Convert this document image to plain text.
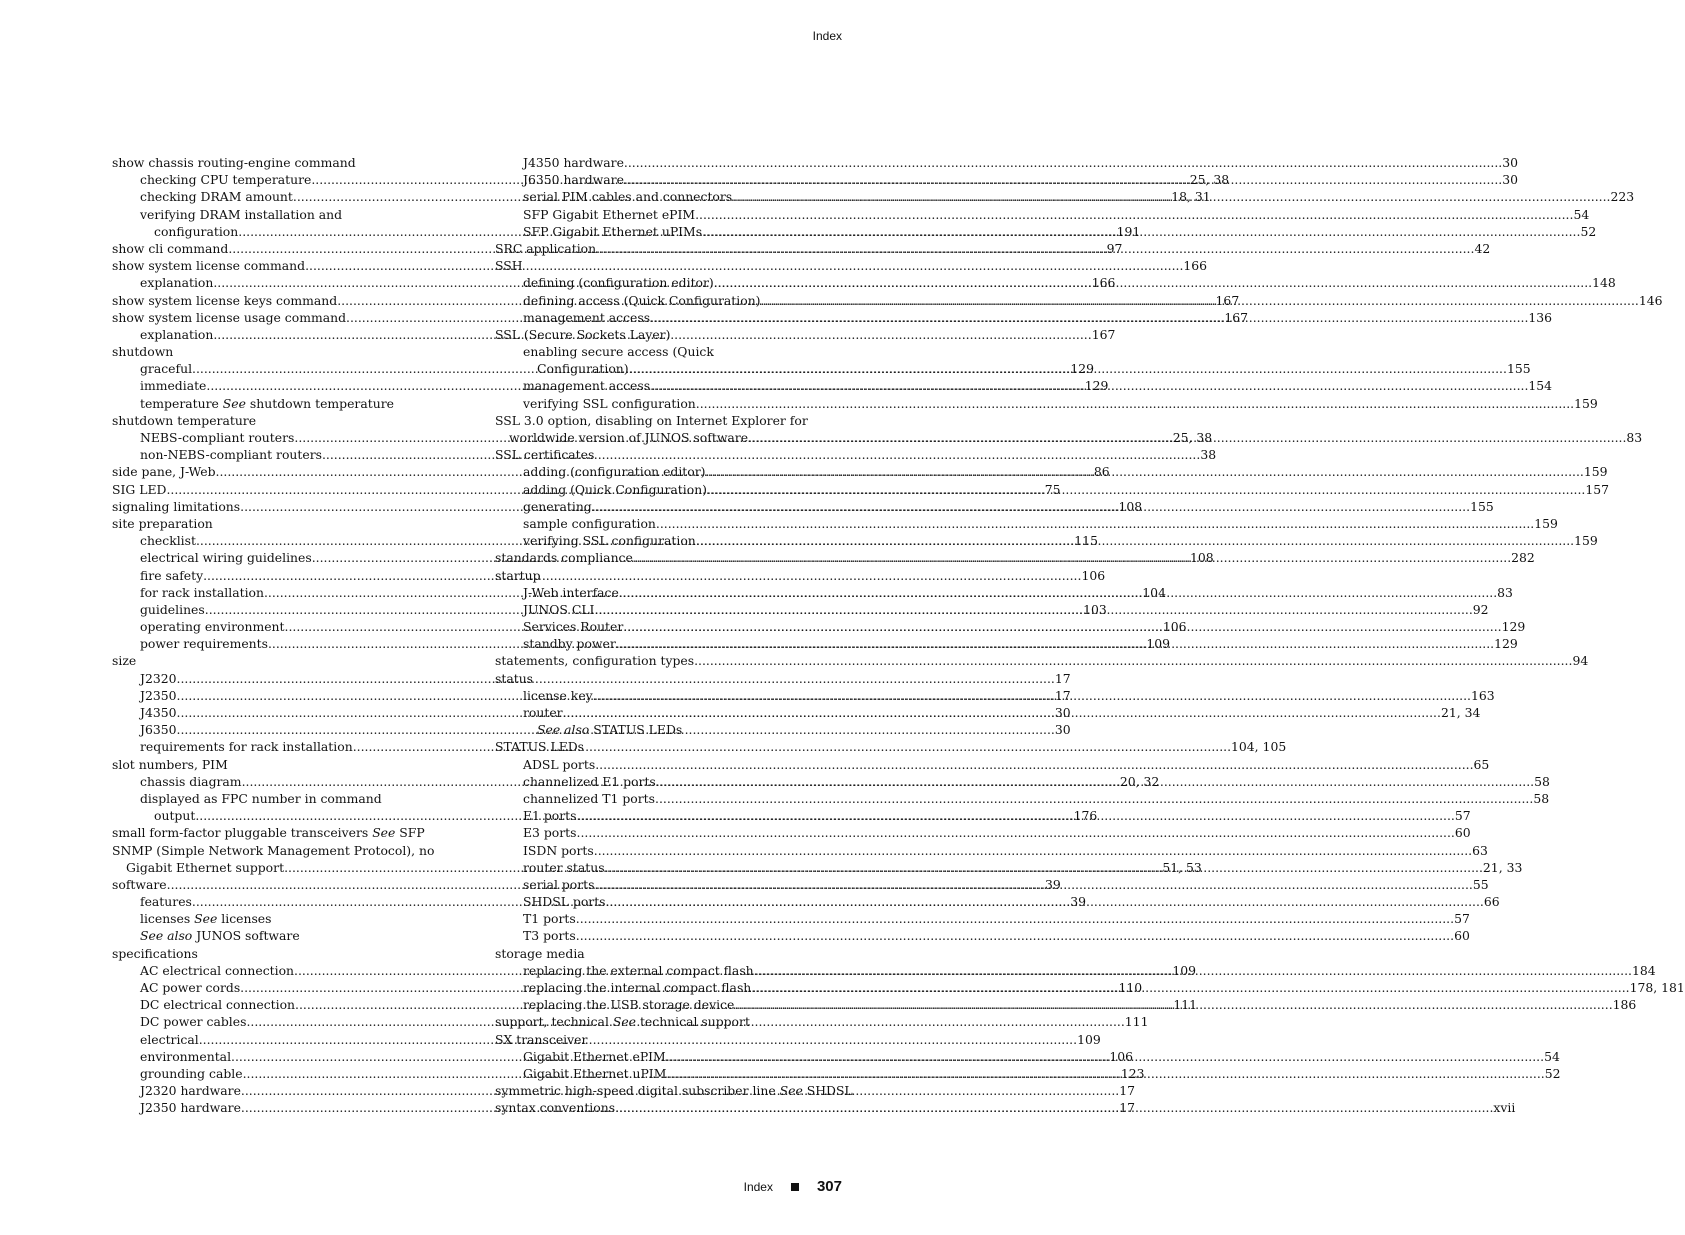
Index
show chassis routing-engine command
checking CPU temperature .....	25, 38
checking DRAM amount .....	18, 31
verifying DRAM installation and
configuration .....	191
show cli command .....	97
show system license command .....	166
explanation .....	166
show system license keys command .....	167
show system license usage command .....	167
explanation .....	167
shutdown
graceful .....	129
immediate .....	129
temperature See shutdown temperature
shutdown temperature
NEBS-compliant routers .....	25, 38
non-NEBS-compliant routers .....	38
side pane, J-Web .....	86
SIG LED .....	75
signaling limitations .....	108
site preparation
checklist .....	115
electrical wiring guidelines .....	108
fire safety .....	106
for rack installation .....	104
guidelines .....	103
operating environment .....	106
power requirements .....	109
size
J2320 .....	17
J2350 .....	17
J4350 .....	30
J6350 .....	30
requirements for rack installation .....	104, 105
slot numbers, PIM
chassis diagram .....	20, 32
displayed as FPC number in command
output .....	176
small form-factor pluggable transceivers See SFP
SNMP (Simple Network Management Protocol), no
Gigabit Ethernet support .....	51, 53
software .....	39
features .....	39
licenses See licenses
See also JUNOS software
specifications
AC electrical connection .....	109
AC power cords .....	110
DC electrical connection .....	111
DC power cables .....	111
electrical .....	109
environmental .....	106
grounding cable .....	123
J2320 hardware .....	17
J2350 hardware .....	17
J4350 hardware .....	30
J6350 hardware .....	30
serial PIM cables and connectors .....	223
SFP Gigabit Ethernet ePIM .....	54
SFP Gigabit Ethernet uPIMs .....	52
SRC application .....	42
SSH
defining (configuration editor) .....	148
defining access (Quick Configuration) .....	146
management access .....	136
SSL (Secure Sockets Layer)
enabling secure access (Quick
Configuration) .....	155
management access .....	154
verifying SSL configuration .....	159
SSL 3.0 option, disabling on Internet Explorer for
worldwide version of JUNOS software .....	83
SSL certificates
adding (configuration editor) .....	159
adding (Quick Configuration) .....	157
generating .....	155
sample configuration .....	159
verifying SSL configuration .....	159
standards compliance .....	282
startup
J-Web interface .....	83
JUNOS CLI .....	92
Services Router .....	129
standby power .....	129
statements, configuration types .....	94
status
license key .....	163
router .....	21, 34
See also STATUS LEDs
STATUS LEDs
ADSL ports .....	65
channelized E1 ports .....	58
channelized T1 ports .....	58
E1 ports .....	57
E3 ports .....	60
ISDN ports .....	63
router status .....	21, 33
serial ports .....	55
SHDSL ports .....	66
T1 ports .....	57
T3 ports .....	60
storage media
replacing the external compact flash .....	184
replacing the internal compact flash .....	178, 181
replacing the USB storage device .....	186
support, technical See technical support
SX transceiver
Gigabit Ethernet ePIM .....	54
Gigabit Ethernet uPIM .....	52
symmetric high-speed digital subscriber line See SHDSL
syntax conventions .....	xvii
Index	307
